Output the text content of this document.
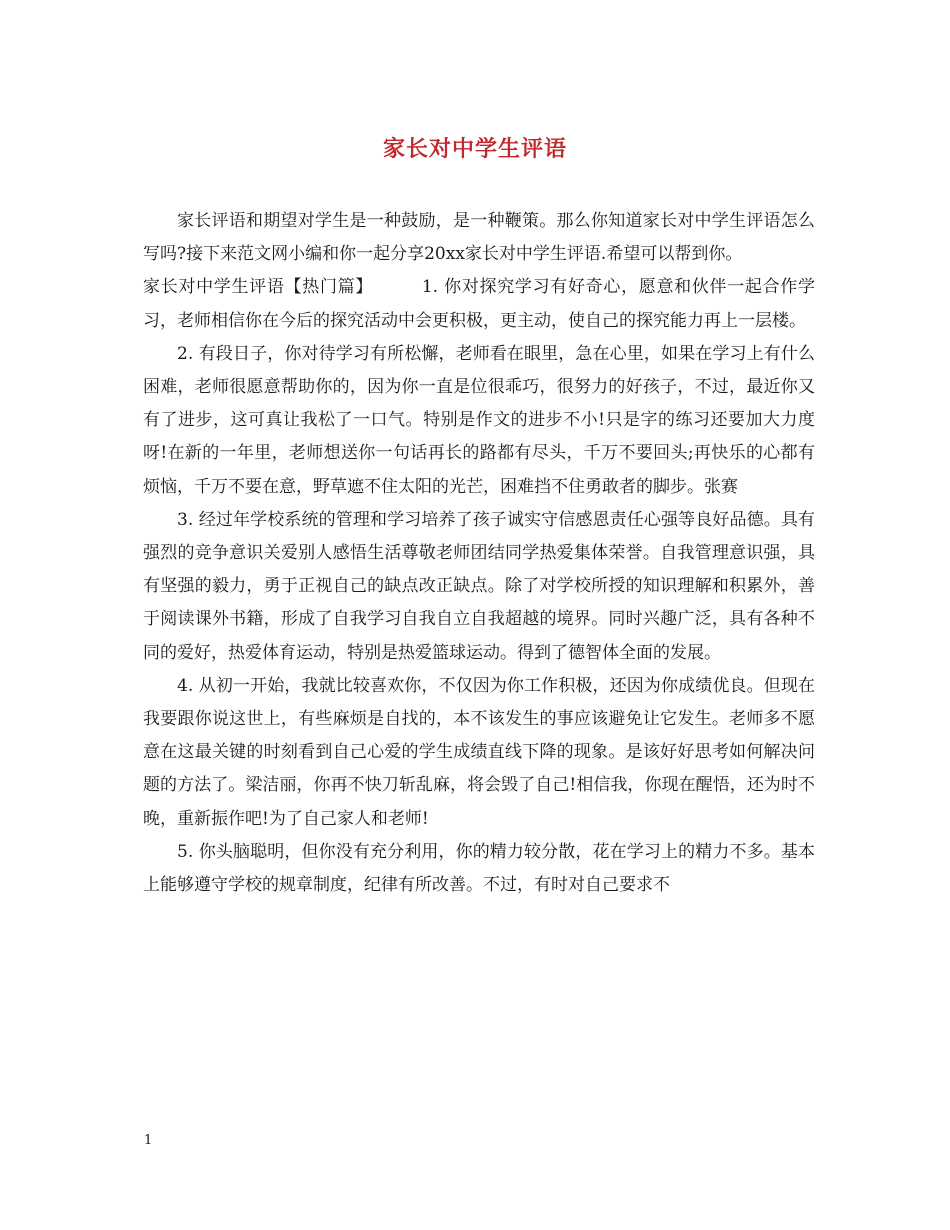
家长对中学生评语

家长评语和期望对学生是一种鼓励，是一种鞭策。那么你知道家长对中学生评语怎么写吗?接下来范文网小编和你一起分享20xx家长对中学生评语.希望可以帮到你。

家长对中学生评语【热门篇】	1. 你对探究学习有好奇心，愿意和伙伴一起合作学习，老师相信你在今后的探究活动中会更积极，更主动，使自己的探究能力再上一层楼。

2. 有段日子，你对待学习有所松懈，老师看在眼里，急在心里，如果在学习上有什么困难，老师很愿意帮助你的，因为你一直是位很乖巧，很努力的好孩子，不过，最近你又有了进步，这可真让我松了一口气。特别是作文的进步不小!只是字的练习还要加大力度呀!在新的一年里，老师想送你一句话再长的路都有尽头，千万不要回头;再快乐的心都有烦恼，千万不要在意，野草遮不住太阳的光芒，困难挡不住勇敢者的脚步。张赛

3. 经过年学校系统的管理和学习培养了孩子诚实守信感恩责任心强等良好品德。具有强烈的竞争意识关爱别人感悟生活尊敬老师团结同学热爱集体荣誉。自我管理意识强，具有坚强的毅力，勇于正视自己的缺点改正缺点。除了对学校所授的知识理解和积累外，善于阅读课外书籍，形成了自我学习自我自立自我超越的境界。同时兴趣广泛，具有各种不同的爱好，热爱体育运动，特别是热爱篮球运动。得到了德智体全面的发展。

4. 从初一开始，我就比较喜欢你，不仅因为你工作积极，还因为你成绩优良。但现在我要跟你说这世上，有些麻烦是自找的，本不该发生的事应该避免让它发生。老师多不愿意在这最关键的时刻看到自己心爱的学生成绩直线下降的现象。是该好好思考如何解决问题的方法了。梁洁丽，你再不快刀斩乱麻，将会毁了自己!相信我，你现在醒悟，还为时不晚，重新振作吧!为了自己家人和老师!

5. 你头脑聪明，但你没有充分利用，你的精力较分散，花在学习上的精力不多。基本上能够遵守学校的规章制度，纪律有所改善。不过，有时对自己要求不

1
